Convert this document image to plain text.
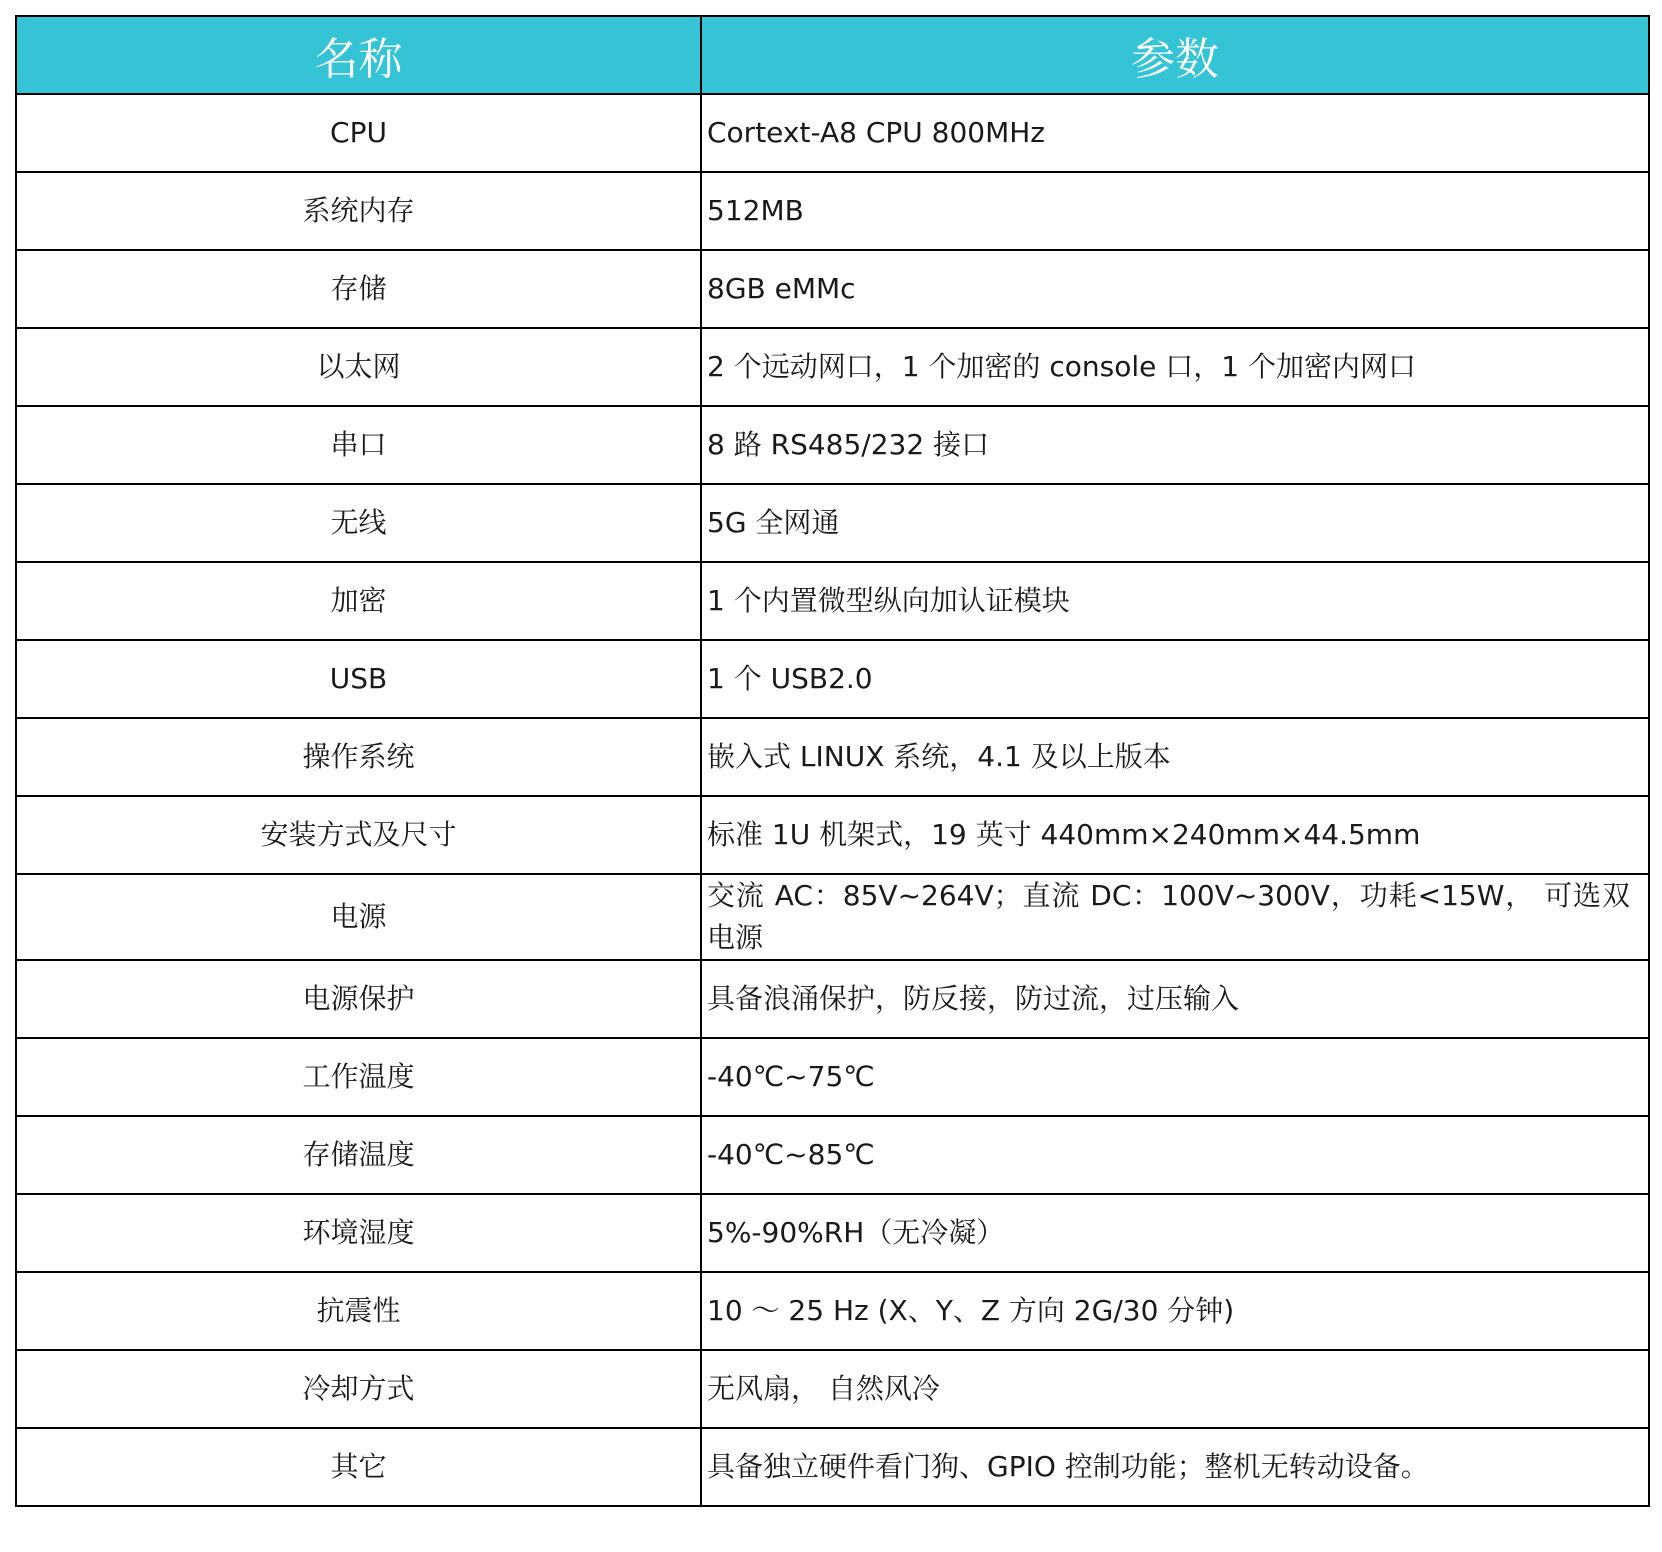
名称	参数
CPU	Cortext-A8 CPU 800MHz
系统内存	512MB
存储	8GB eMMc
以太网	2 个远动网口，1 个加密的 console 口，1 个加密内网口
串口	8 路 RS485/232 接口
无线	5G 全网通
加密	1 个内置微型纵向加认证模块
USB	1 个 USB2.0
操作系统	嵌入式 LINUX 系统，4.1 及以上版本
安装方式及尺寸	标准 1U 机架式，19 英寸 440mm×240mm×44.5mm
电源	交流 AC：85V~264V；直流 DC：100V~300V，功耗<15W， 可选双电源
电源保护	具备浪涌保护，防反接，防过流，过压输入
工作温度	-40℃~75℃
存储温度	-40℃~85℃
环境湿度	5%-90%RH（无冷凝）
抗震性	10 ～ 25 Hz (X、Y、Z 方向 2G/30 分钟)
冷却方式	无风扇， 自然风冷
其它	具备独立硬件看门狗、GPIO 控制功能；整机无转动设备。
